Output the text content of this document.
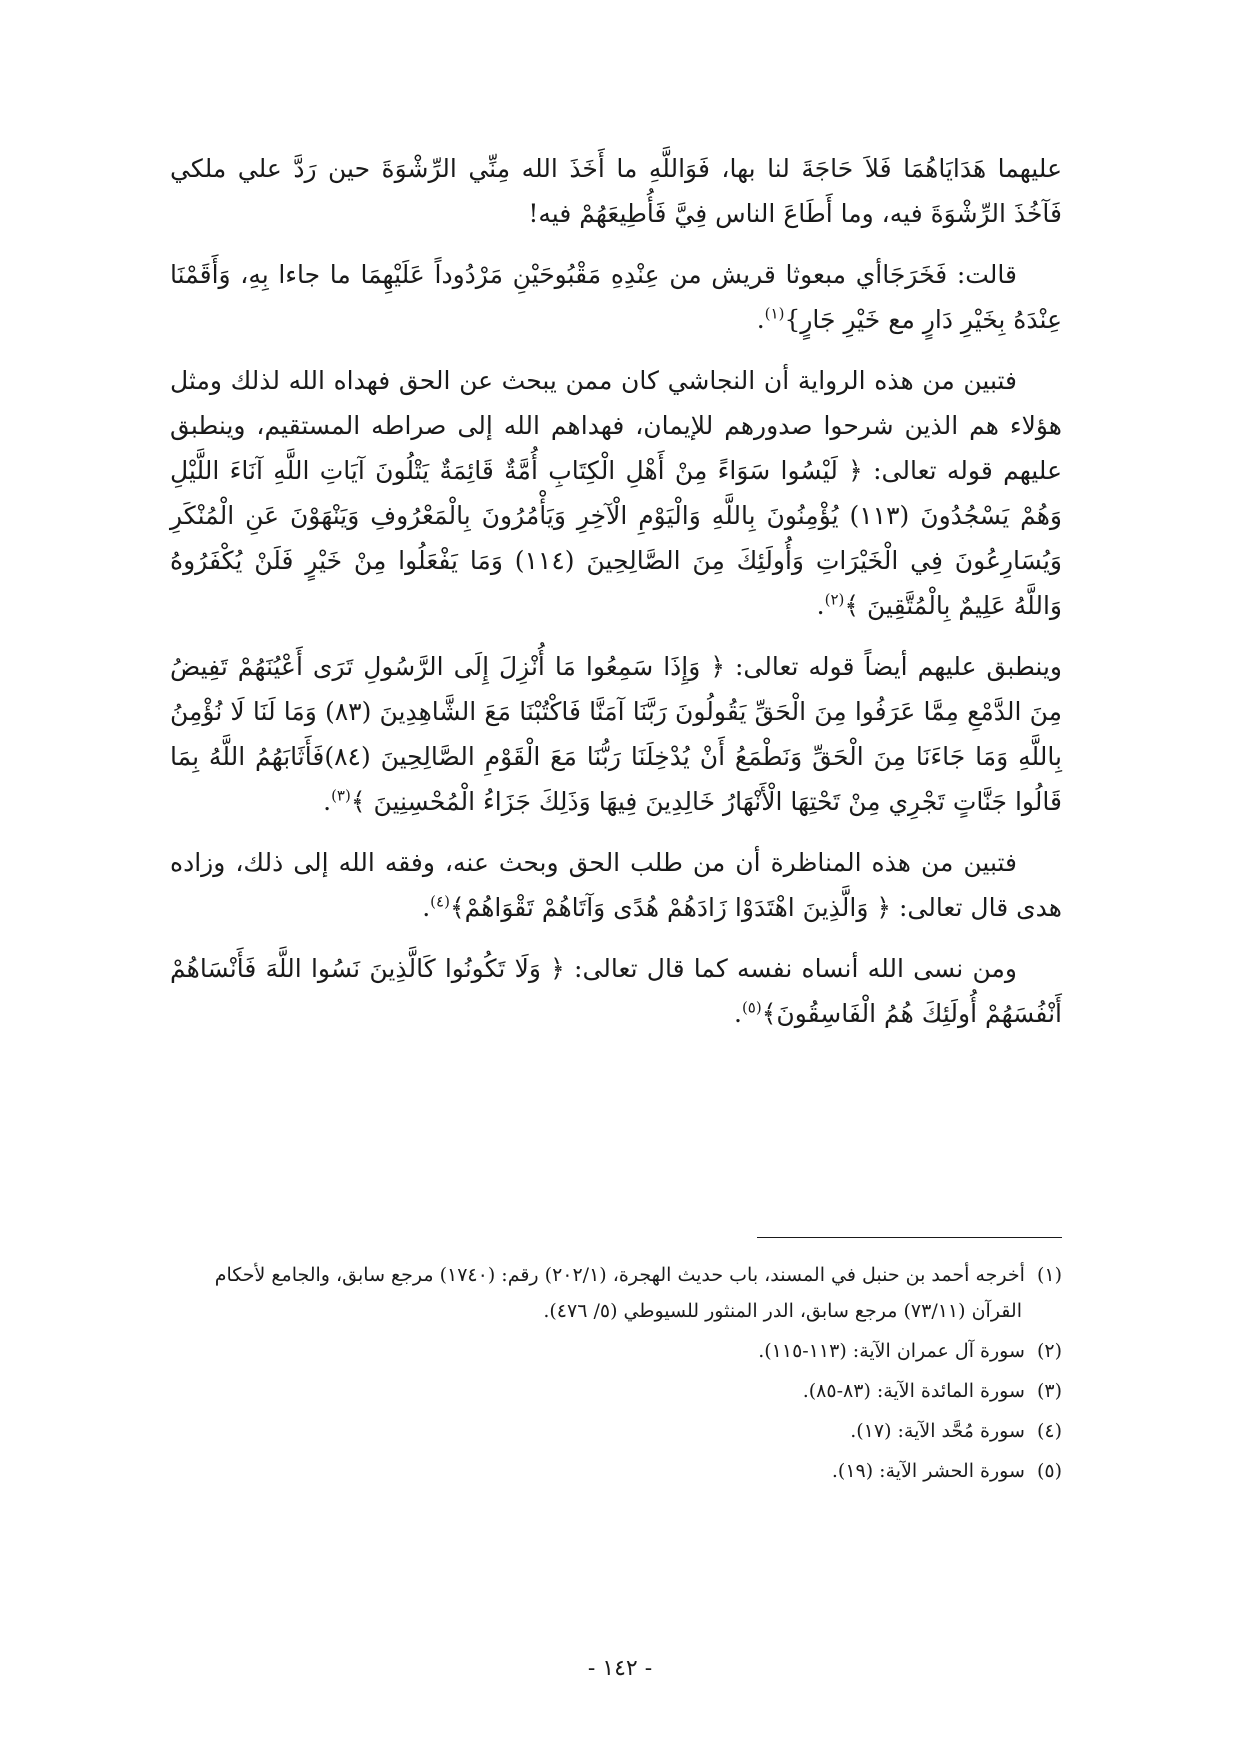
عليهما هَدَايَاهُمَا فَلاَ حَاجَةَ لنا بها، فَوَاللَّهِ ما أَخَذَ الله مِنِّي الرِّشْوَةَ حين رَدَّ علي ملكي فَآخُذَ الرِّشْوَةَ فيه، وما أَطَاعَ الناس فِيَّ فَأُطِيعَهُمْ فيه!

قالت: فَخَرَجَاأي مبعوثا قريش من عِنْدِهِ مَقْبُوحَيْنِ مَرْدُوداً عَلَيْهِمَا ما جاءا بِهِ، وَأَقَمْنَا عِنْدَهُ بِخَيْرِ دَارٍ مع خَيْرِ جَارٍ}$^{(١)}$.

فتبين من هذه الرواية أن النجاشي كان ممن يبحث عن الحق فهداه الله لذلك ومثل هؤلاء هم الذين شرحوا صدورهم للإيمان، فهداهم الله إلى صراطه المستقيم، وينطبق عليهم قوله تعالى: ﴿ لَيْسُوا سَوَاءً مِنْ أَهْلِ الْكِتَابِ أُمَّةٌ قَائِمَةٌ يَتْلُونَ آيَاتِ اللَّهِ آنَاءَ اللَّيْلِ وَهُمْ يَسْجُدُونَ (١١٣) يُؤْمِنُونَ بِاللَّهِ وَالْيَوْمِ الْآخِرِ وَيَأْمُرُونَ بِالْمَعْرُوفِ وَيَنْهَوْنَ عَنِ الْمُنْكَرِ وَيُسَارِعُونَ فِي الْخَيْرَاتِ وَأُولَئِكَ مِنَ الصَّالِحِينَ (١١٤) وَمَا يَفْعَلُوا مِنْ خَيْرٍ فَلَنْ يُكْفَرُوهُ وَاللَّهُ عَلِيمٌ بِالْمُتَّقِينَ ﴾$^{(٢)}$.

وينطبق عليهم أيضاً قوله تعالى: ﴿ وَإِذَا سَمِعُوا مَا أُنْزِلَ إِلَى الرَّسُولِ تَرَى أَعْيُنَهُمْ تَفِيضُ مِنَ الدَّمْعِ مِمَّا عَرَفُوا مِنَ الْحَقِّ يَقُولُونَ رَبَّنَا آمَنَّا فَاكْتُبْنَا مَعَ الشَّاهِدِينَ (٨٣) وَمَا لَنَا لَا نُؤْمِنُ بِاللَّهِ وَمَا جَاءَنَا مِنَ الْحَقِّ وَنَطْمَعُ أَنْ يُدْخِلَنَا رَبُّنَا مَعَ الْقَوْمِ الصَّالِحِينَ (٨٤)فَأَثَابَهُمُ اللَّهُ بِمَا قَالُوا جَنَّاتٍ تَجْرِي مِنْ تَحْتِهَا الْأَنْهَارُ خَالِدِينَ فِيهَا وَذَلِكَ جَزَاءُ الْمُحْسِنِينَ ﴾$^{(٣)}$.

فتبين من هذه المناظرة أن من طلب الحق وبحث عنه، وفقه الله إلى ذلك، وزاده هدى قال تعالى: ﴿ وَالَّذِينَ اهْتَدَوْا زَادَهُمْ هُدًى وَآتَاهُمْ تَقْوَاهُمْ﴾$^{(٤)}$.

ومن نسى الله أنساه نفسه كما قال تعالى: ﴿ وَلَا تَكُونُوا كَالَّذِينَ نَسُوا اللَّهَ فَأَنْسَاهُمْ أَنْفُسَهُمْ أُولَئِكَ هُمُ الْفَاسِقُونَ﴾$^{(٥)}$.

(١) أخرجه أحمد بن حنبل في المسند، باب حديث الهجرة، (٢٠٢/١) رقم: (١٧٤٠) مرجع سابق، والجامع لأحكام
القرآن (٧٣/١١) مرجع سابق، الدر المنثور للسيوطي (٥/ ٤٧٦).
(٢) سورة آل عمران الآية: (١١٣-١١٥).
(٣) سورة المائدة الآية: (٨٣-٨٥).
(٤) سورة مُحَّد الآية: (١٧).
(٥) سورة الحشر الآية: (١٩).
- ١٤٢ -
